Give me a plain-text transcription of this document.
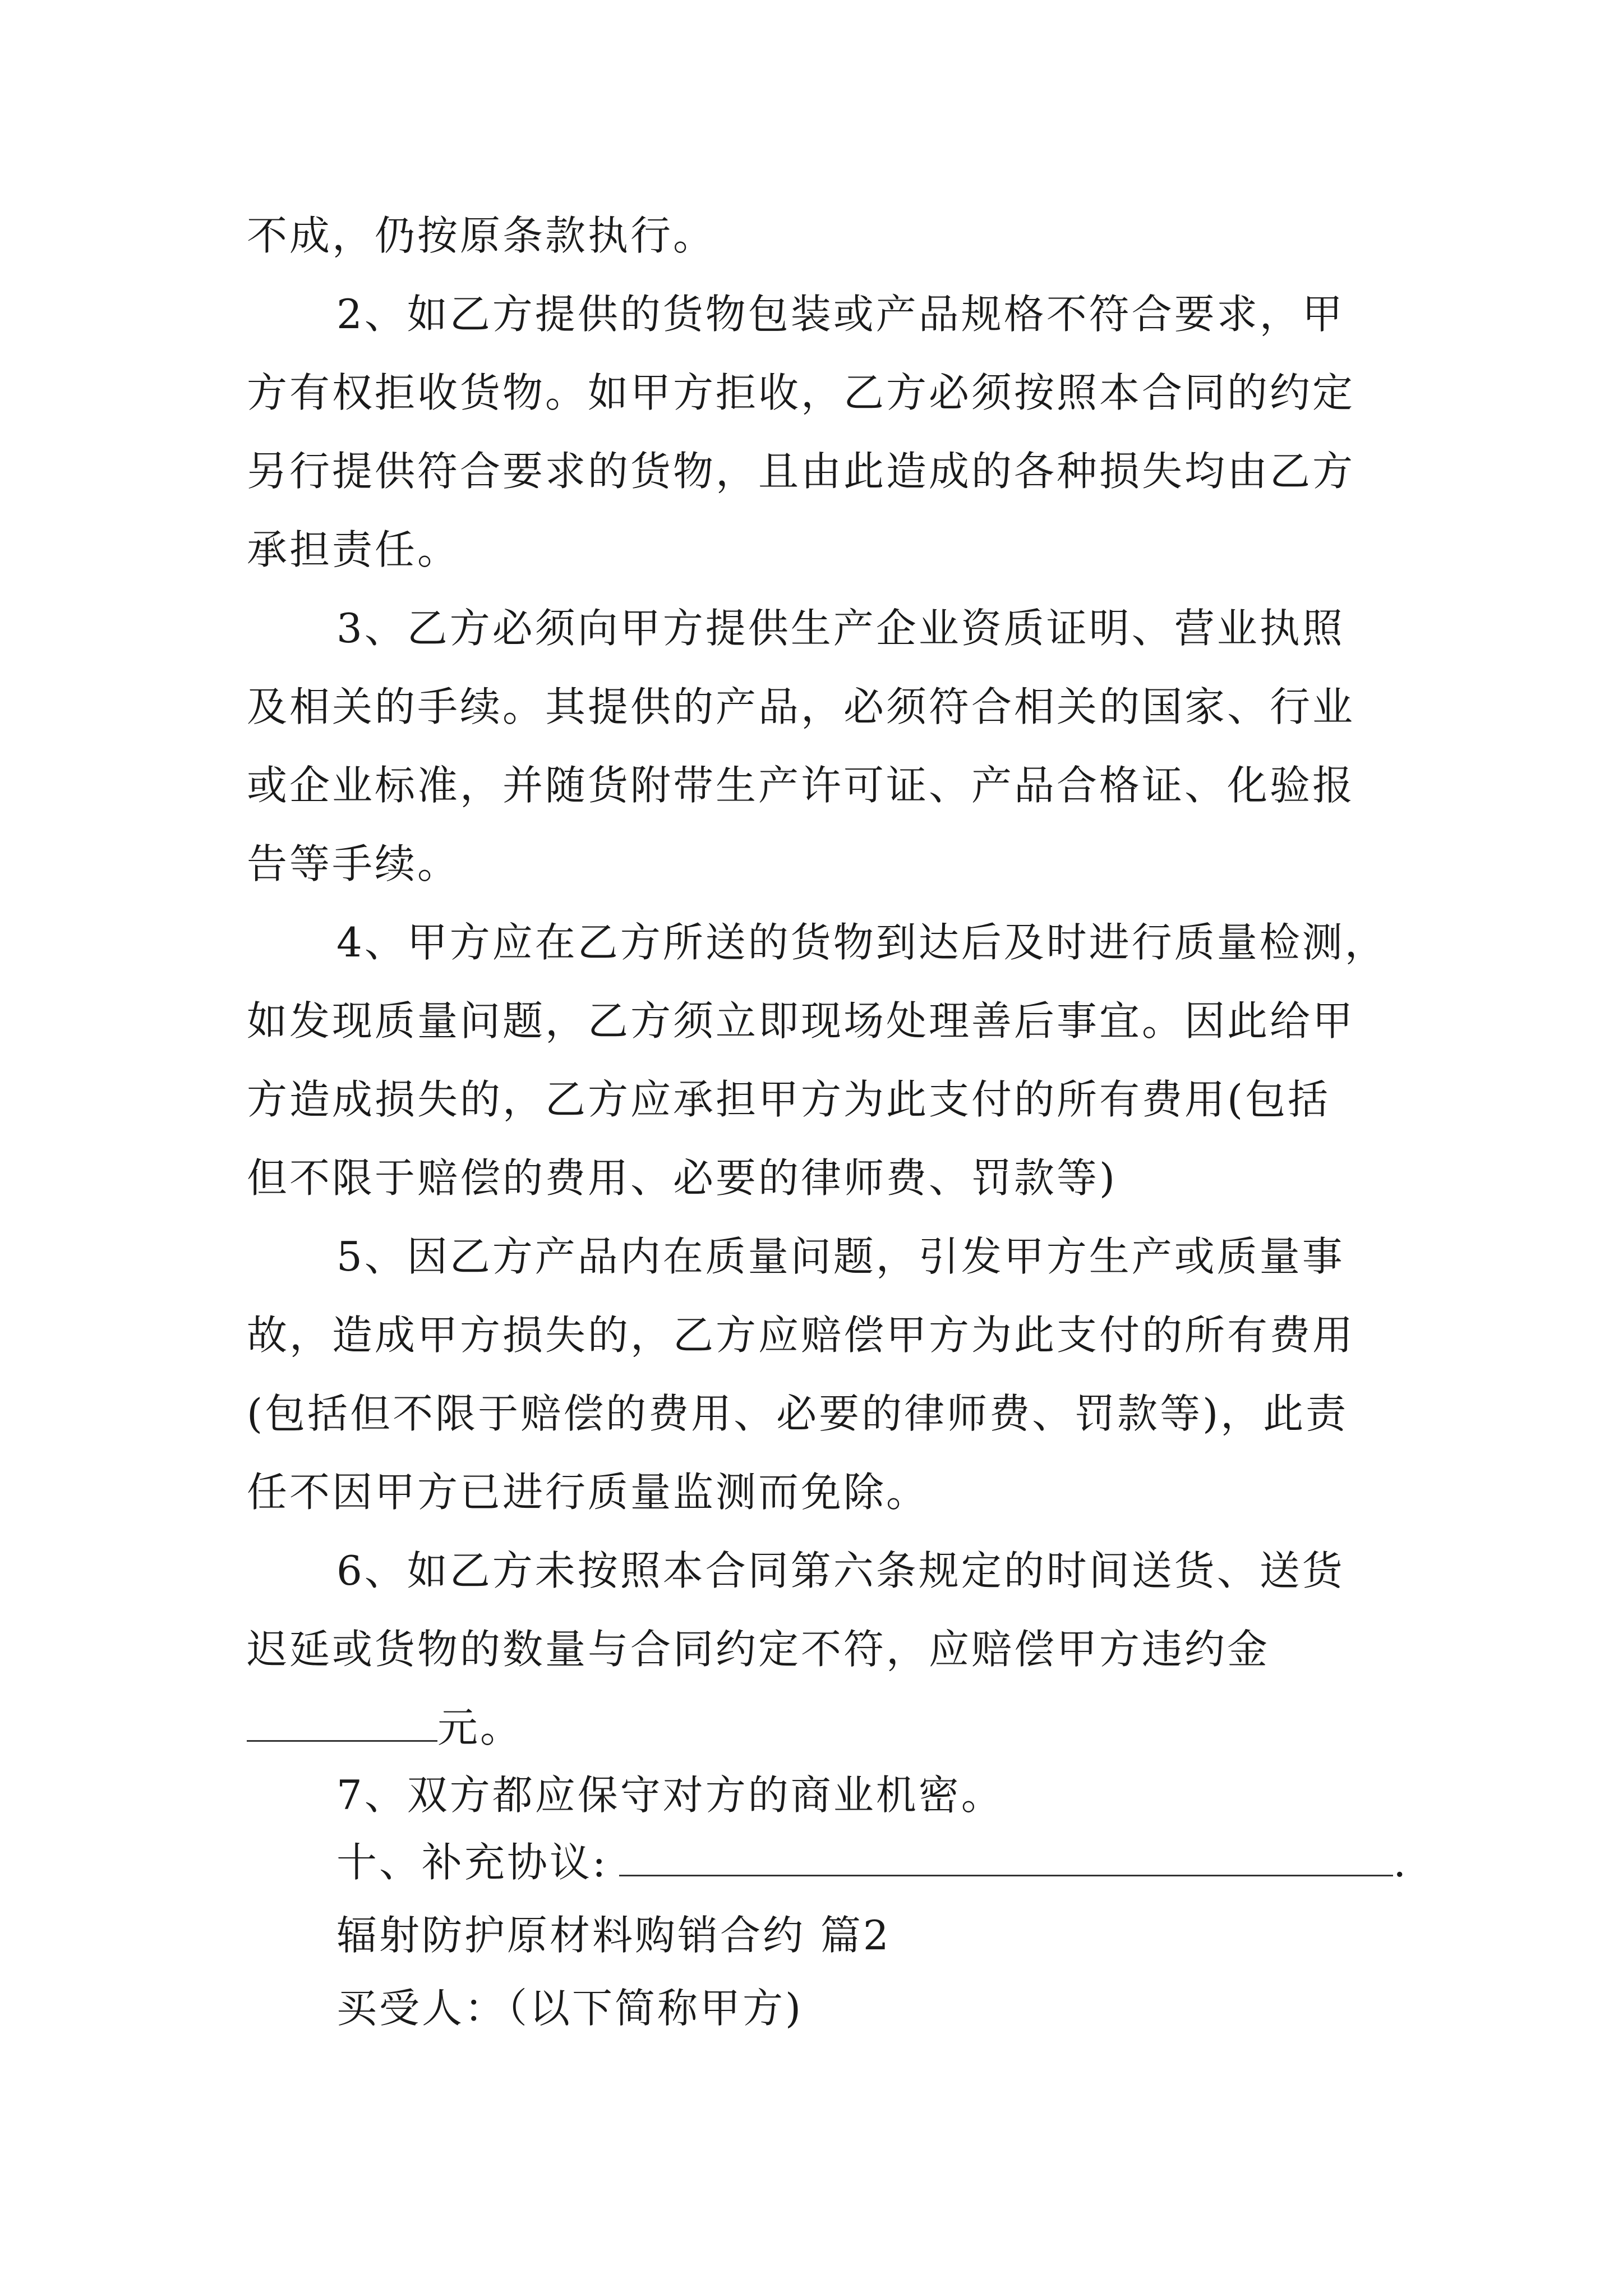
不成，仍按原条款执行。
2、如乙方提供的货物包装或产品规格不符合要求，甲
方有权拒收货物。如甲方拒收，乙方必须按照本合同的约定
另行提供符合要求的货物，且由此造成的各种损失均由乙方
承担责任。
3、乙方必须向甲方提供生产企业资质证明、营业执照
及相关的手续。其提供的产品，必须符合相关的国家、行业
或企业标准，并随货附带生产许可证、产品合格证、化验报
告等手续。
4、甲方应在乙方所送的货物到达后及时进行质量检测，
如发现质量问题，乙方须立即现场处理善后事宜。因此给甲
方造成损失的，乙方应承担甲方为此支付的所有费用(包括
但不限于赔偿的费用、必要的律师费、罚款等)
5、因乙方产品内在质量问题，引发甲方生产或质量事
故，造成甲方损失的，乙方应赔偿甲方为此支付的所有费用
(包括但不限于赔偿的费用、必要的律师费、罚款等)，此责
任不因甲方已进行质量监测而免除。
6、如乙方未按照本合同第六条规定的时间送货、送货
迟延或货物的数量与合同约定不符，应赔偿甲方违约金
元。
7、双方都应保守对方的商业机密。
十、补充协议:	.
辐射防护原材料购销合约 篇2
买受人：（以下简称甲方)
